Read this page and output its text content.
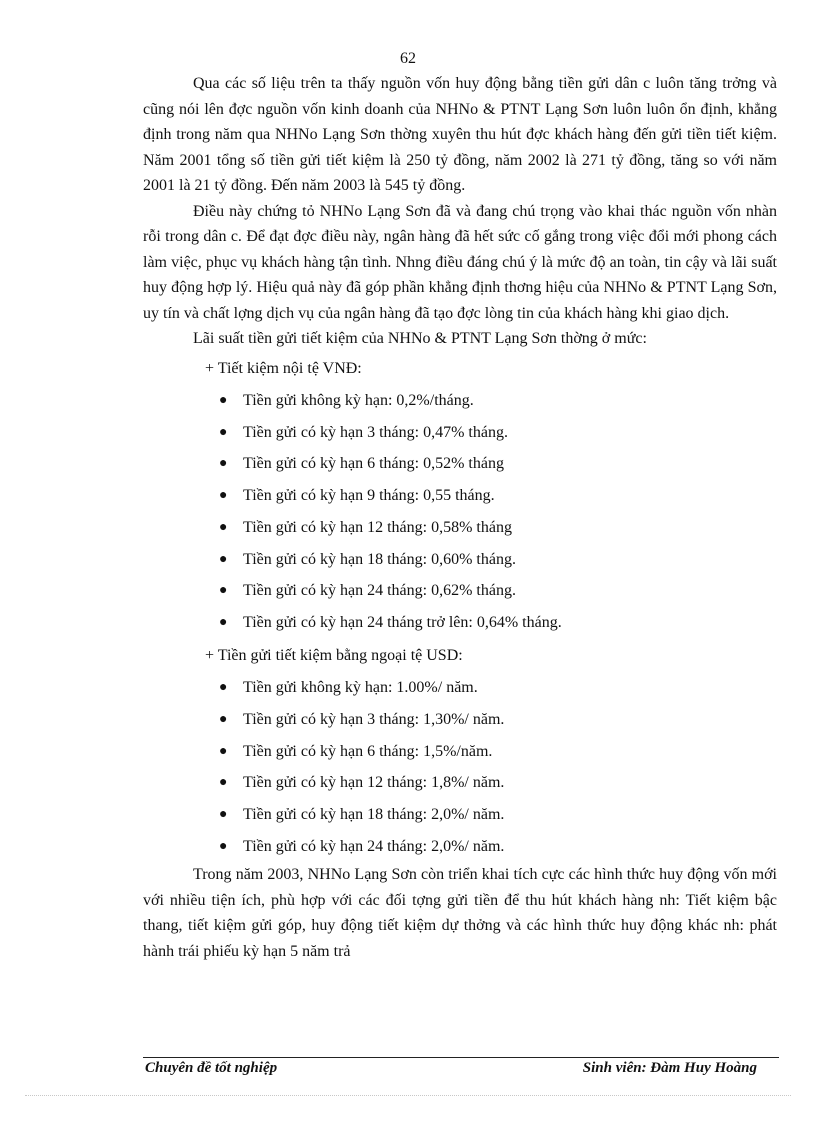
62

Qua các số liệu trên ta thấy nguồn vốn huy động bằng tiền gửi dân c luôn tăng trởng và cũng nói lên đợc nguồn vốn kinh doanh của NHNo & PTNT Lạng Sơn luôn luôn ổn định, khẳng định trong năm qua NHNo Lạng Sơn thờng xuyên thu hút đợc khách hàng đến gửi tiền tiết kiệm. Năm 2001 tổng số tiền gửi tiết kiệm là 250 tỷ đồng, năm 2002 là 271 tỷ đồng, tăng so với năm 2001 là 21 tỷ đồng. Đến năm 2003 là 545 tỷ đồng.

Điều này chứng tỏ NHNo Lạng Sơn đã và đang chú trọng vào khai thác nguồn vốn nhàn rỗi trong dân c. Để đạt đợc điều này, ngân hàng đã hết sức cố gắng trong việc đổi mới phong cách làm việc, phục vụ khách hàng tận tình. Nhng điều đáng chú ý là mức độ an toàn, tin cậy và lãi suất huy động hợp lý. Hiệu quả này đã góp phần khẳng định thơng hiệu của NHNo & PTNT Lạng Sơn, uy tín và chất lợng dịch vụ của ngân hàng đã tạo đợc lòng tin của khách hàng khi giao dịch.

Lãi suất tiền gửi tiết kiệm của NHNo & PTNT Lạng Sơn thờng ở mức:

+ Tiết kiệm nội tệ VNĐ:
● Tiền gửi không kỳ hạn: 0,2%/tháng.
● Tiền gửi có kỳ hạn 3 tháng: 0,47% tháng.
● Tiền gửi có kỳ hạn 6 tháng: 0,52% tháng
● Tiền gửi có kỳ hạn 9 tháng: 0,55 tháng.
● Tiền gửi có kỳ hạn 12 tháng: 0,58% tháng
● Tiền gửi có kỳ hạn 18 tháng: 0,60% tháng.
● Tiền gửi có kỳ hạn 24 tháng: 0,62% tháng.
● Tiền gửi có kỳ hạn 24 tháng trở lên: 0,64% tháng.
+ Tiền gửi tiết kiệm bằng ngoại tệ USD:
● Tiền gửi không kỳ hạn: 1.00%/ năm.
● Tiền gửi có kỳ hạn 3 tháng: 1,30%/ năm.
● Tiền gửi có kỳ hạn 6 tháng: 1,5%/năm.
● Tiền gửi có kỳ hạn 12 tháng: 1,8%/ năm.
● Tiền gửi có kỳ hạn 18 tháng: 2,0%/ năm.
● Tiền gửi có kỳ hạn 24 tháng: 2,0%/ năm.

Trong năm 2003, NHNo Lạng Sơn còn triển khai tích cực các hình thức huy động vốn mới với nhiều tiện ích, phù hợp với các đối tợng gửi tiền để thu hút khách hàng nh: Tiết kiệm bậc thang, tiết kiệm gửi góp, huy động tiết kiệm dự thởng và các hình thức huy động khác nh: phát hành trái phiếu kỳ hạn 5 năm trả

Chuyên đề tốt nghiệp	Sinh viên: Đàm Huy Hoàng
